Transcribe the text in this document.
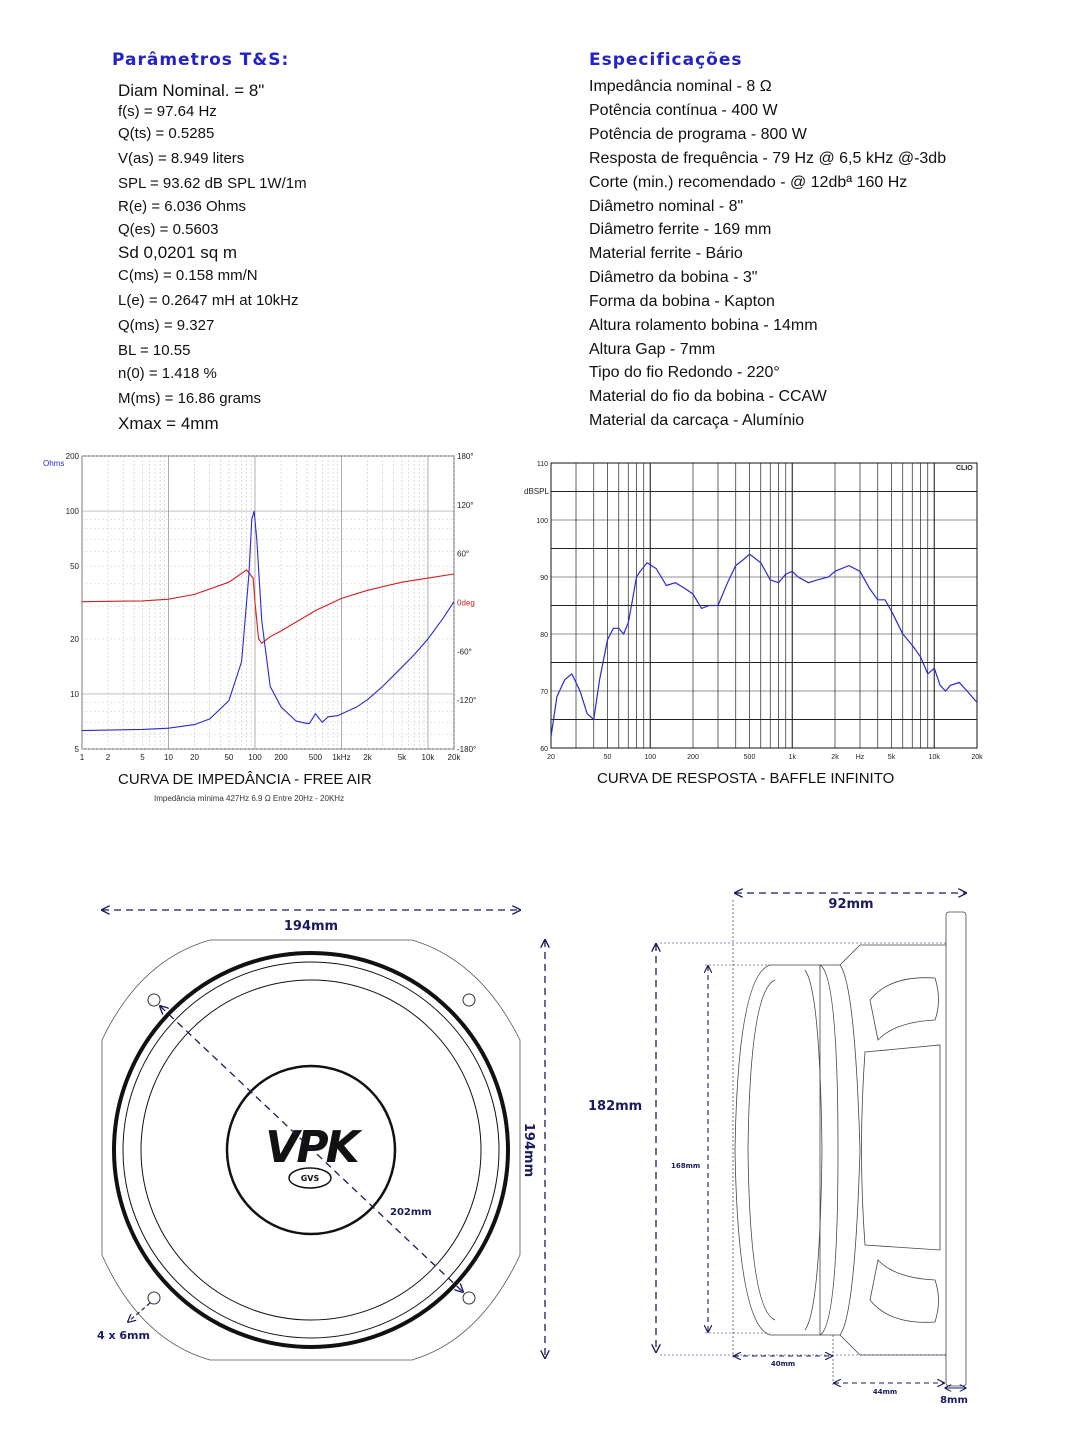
Parâmetros T&S:	Especificações
Diam Nominal. = 8"
f(s) = 97.64 Hz
Q(ts) = 0.5285
V(as) = 8.949 liters
SPL = 93.62 dB SPL 1W/1m
R(e) = 6.036 Ohms
Q(es) = 0.5603
Sd 0,0201 sq m
C(ms) = 0.158 mm/N
L(e) = 0.2647 mH at 10kHz
Q(ms) = 9.327
BL = 10.55
n(0) = 1.418 %
M(ms) = 16.86 grams
Xmax = 4mm
Impedância nominal - 8 Ω
Potência contínua - 400 W
Potência de programa - 800 W
Resposta de frequência - 79 Hz @ 6,5 kHz @-3db
Corte (min.) recomendado - @ 12dbª 160 Hz
Diâmetro nominal - 8"
Diâmetro ferrite - 169 mm
Material ferrite - Bário
Diâmetro da bobina - 3"
Forma da bobina - Kapton
Altura rolamento bobina - 14mm
Altura Gap - 7mm
Tipo do fio Redondo - 220°
Material do fio da bobina - CCAW
Material da carcaça - Alumínio
1	2	5 10 20	50 100 200	500 1kHz 2k	5k 10k 20k
200
100
50
20
10
5
180°
120°
60°
0deg
-60°
-120°
-180°
Ohms
20	50	100	200	500	1k	2k Hz	5k	10k	20k
110
100
90
80
70
60
dBSPL
CLIO
CURVA DE IMPEDÂNCIA - FREE AIR
Impedância mínima 427Hz 6.9 Ω Entre 20Hz - 20KHz
CURVA DE RESPOSTA - BAFFLE INFINITO
VPK
GVS
202mm
194mm
194mm
4 x 6mm
92mm
182mm
168mm
40mm
44mm
8mm
